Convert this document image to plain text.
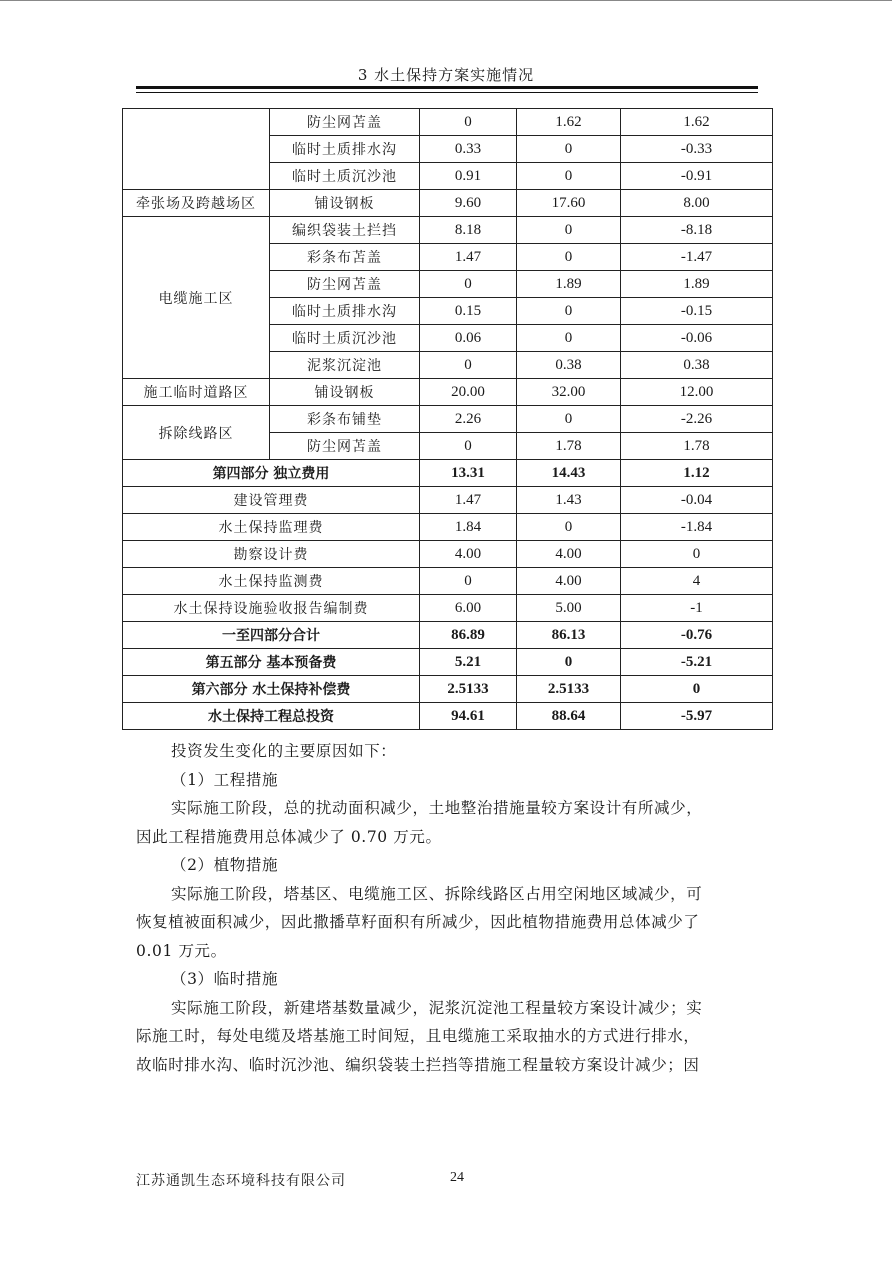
3 水土保持方案实施情况
	防尘网苫盖	0	1.62	1.62
	临时土质排水沟	0.33	0	-0.33
	临时土质沉沙池	0.91	0	-0.91
牵张场及跨越场区	铺设钢板	9.60	17.60	8.00
电缆施工区	编织袋装土拦挡	8.18	0	-8.18
	彩条布苫盖	1.47	0	-1.47
	防尘网苫盖	0	1.89	1.89
	临时土质排水沟	0.15	0	-0.15
	临时土质沉沙池	0.06	0	-0.06
	泥浆沉淀池	0	0.38	0.38
施工临时道路区	铺设钢板	20.00	32.00	12.00
拆除线路区	彩条布铺垫	2.26	0	-2.26
	防尘网苫盖	0	1.78	1.78
第四部分 独立费用		13.31	14.43	1.12
建设管理费		1.47	1.43	-0.04
水土保持监理费		1.84	0	-1.84
勘察设计费		4.00	4.00	0
水土保持监测费		0	4.00	4
水土保持设施验收报告编制费		6.00	5.00	-1
一至四部分合计		86.89	86.13	-0.76
第五部分 基本预备费		5.21	0	-5.21
第六部分 水土保持补偿费		2.5133	2.5133	0
水土保持工程总投资		94.61	88.64	-5.97
投资发生变化的主要原因如下：
（1）工程措施
实际施工阶段，总的扰动面积减少，土地整治措施量较方案设计有所减少，
因此工程措施费用总体减少了 0.70 万元。
（2）植物措施
实际施工阶段，塔基区、电缆施工区、拆除线路区占用空闲地区域减少，可
恢复植被面积减少，因此撒播草籽面积有所减少，因此植物措施费用总体减少了
0.01 万元。
（3）临时措施
实际施工阶段，新建塔基数量减少，泥浆沉淀池工程量较方案设计减少；实
际施工时，每处电缆及塔基施工时间短，且电缆施工采取抽水的方式进行排水，
故临时排水沟、临时沉沙池、编织袋装土拦挡等措施工程量较方案设计减少；因
江苏通凯生态环境科技有限公司	24
